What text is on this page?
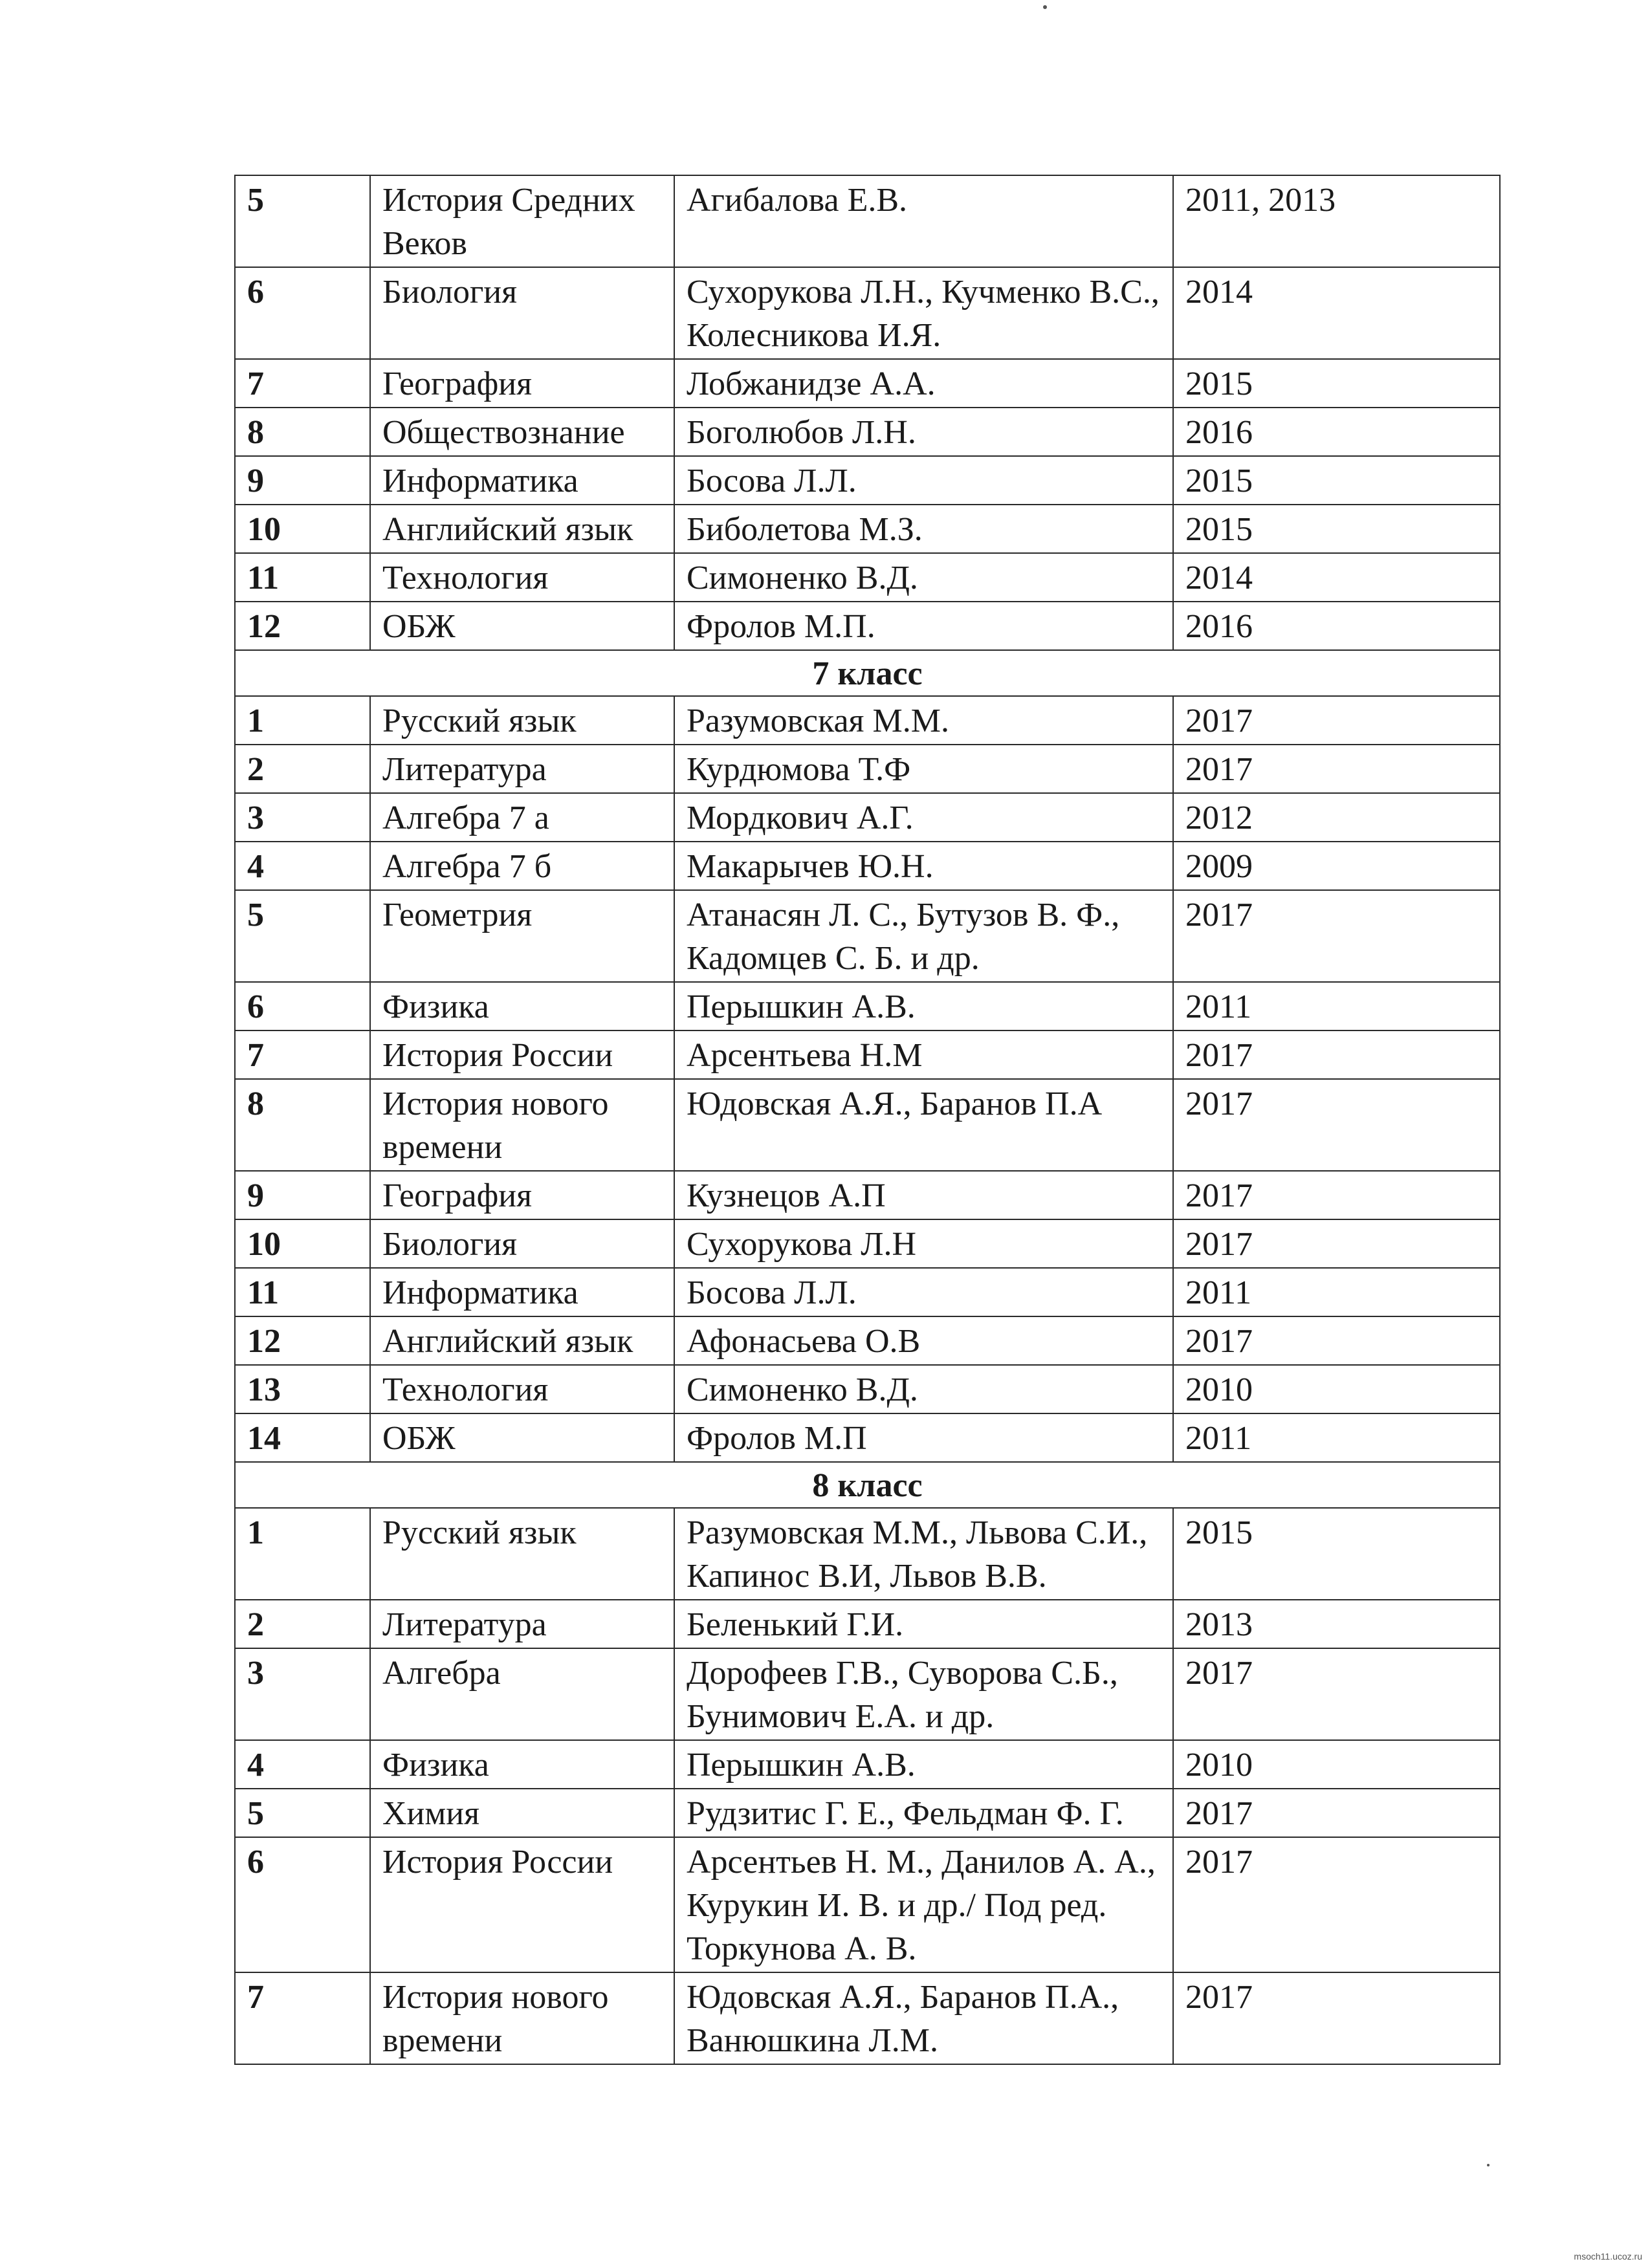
5	История Средних Веков	Агибалова Е.В.	2011, 2013
6	Биология	Сухорукова Л.Н., Кучменко В.С., Колесникова И.Я.	2014
7	География	Лобжанидзе А.А.	2015
8	Обществознание	Боголюбов Л.Н.	2016
9	Информатика	Босова Л.Л.	2015
10	Английский язык	Биболетова М.З.	2015
11	Технология	Симоненко В.Д.	2014
12	ОБЖ	Фролов М.П.	2016
7 класс			
1	Русский язык	Разумовская М.М.	2017
2	Литература	Курдюмова Т.Ф	2017
3	Алгебра 7 а	Мордкович А.Г.	2012
4	Алгебра 7 б	Макарычев Ю.Н.	2009
5	Геометрия	Атанасян Л. С., Бутузов В. Ф., Кадомцев С. Б. и др.	2017
6	Физика	Перышкин А.В.	2011
7	История России	Арсентьева Н.М	2017
8	История нового времени	Юдовская А.Я., Баранов П.А	2017
9	География	Кузнецов А.П	2017
10	Биология	Сухорукова Л.Н	2017
11	Информатика	Босова Л.Л.	2011
12	Английский язык	Афонасьева О.В	2017
13	Технология	Симоненко В.Д.	2010
14	ОБЖ	Фролов М.П	2011
8 класс			
1	Русский язык	Разумовская М.М., Львова С.И., Капинос В.И, Львов В.В.	2015
2	Литература	Беленький Г.И.	2013
3	Алгебра	Дорофеев Г.В., Суворова С.Б., Бунимович Е.А. и др.	2017
4	Физика	Перышкин А.В.	2010
5	Химия	Рудзитис Г. Е., Фельдман Ф. Г.	2017
6	История России	Арсентьев Н. М., Данилов А. А., Курукин И. В. и др./ Под ред. Торкунова А. В.	2017
7	История нового времени	Юдовская А.Я., Баранов П.А., Ванюшкина Л.М.	2017
msoch11.ucoz.ru
